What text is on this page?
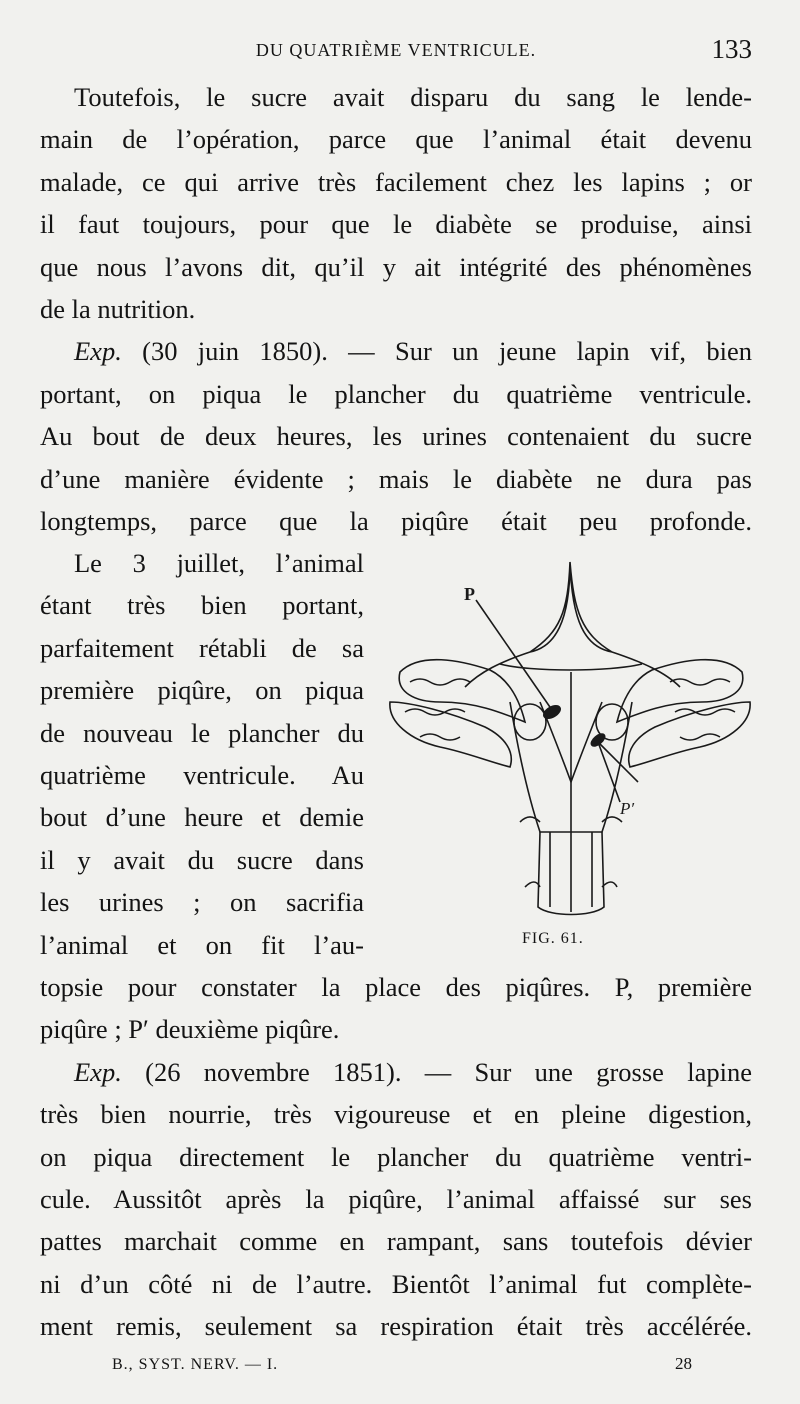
DU QUATRIÈME VENTRICULE.	133
Toutefois, le sucre avait disparu du sang le lende-
main de l’opération, parce que l’animal était devenu
malade, ce qui arrive très facilement chez les lapins ; or
il faut toujours, pour que le diabète se produise, ainsi
que nous l’avons dit, qu’il y ait intégrité des phénomènes
de la nutrition.
Exp. (30 juin 1850). — Sur un jeune lapin vif, bien
portant, on piqua le plancher du quatrième ventricule.
Au bout de deux heures, les urines contenaient du sucre
d’une manière évidente ; mais le diabète ne dura pas
longtemps, parce que la piqûre était peu profonde.
Le 3 juillet, l’animal
étant très bien portant,
parfaitement rétabli de sa
première piqûre, on piqua
de nouveau le plancher du
quatrième ventricule. Au
bout d’une heure et demie
il y avait du sucre dans
les urines ; on sacrifia
l’animal et on fit l’au-
P
P′
FIG. 61.
topsie pour constater la place des piqûres. P, première
piqûre ; P′ deuxième piqûre.
Exp. (26 novembre 1851). — Sur une grosse lapine
très bien nourrie, très vigoureuse et en pleine digestion,
on piqua directement le plancher du quatrième ventri-
cule. Aussitôt après la piqûre, l’animal affaissé sur ses
pattes marchait comme en rampant, sans toutefois dévier
ni d’un côté ni de l’autre. Bientôt l’animal fut complète-
ment remis, seulement sa respiration était très accélérée.
B., SYST. NERV. — I.	28
